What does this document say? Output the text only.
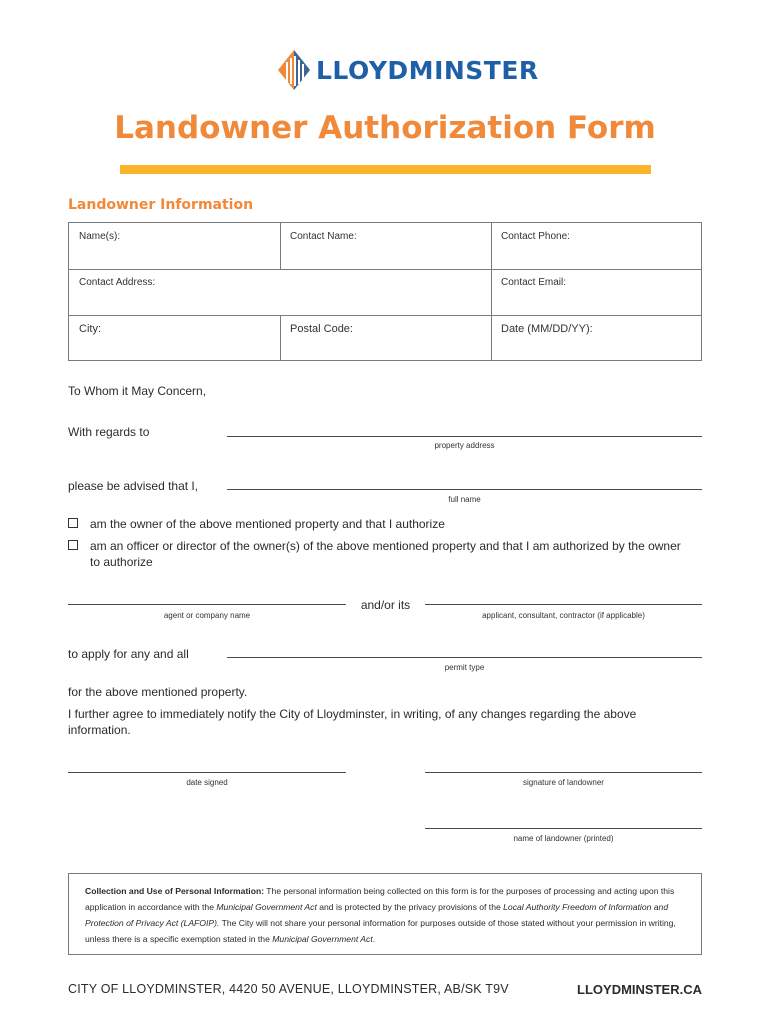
LLOYDMINSTER
Landowner Authorization Form
Landowner Information
Name(s):	Contact Name:	Contact Phone:
Contact Address:	Contact Email:
City:	Postal Code:	Date (MM/DD/YY):
To Whom it May Concern,
With regards to
property address
please be advised that I,
full name
am the owner of the above mentioned property and that I authorize
am an officer or director of the owner(s) of the above mentioned property and that I am authorized by the owner
to authorize
and/or its
agent or company name	applicant, consultant, contractor (if applicable)
to apply for any and all
permit type
for the above mentioned property.
I further agree to immediately notify the City of Lloydminster, in writing, of any changes regarding the above
information.
date signed	signature of landowner
name of landowner (printed)
Collection and Use of Personal Information: The personal information being collected on this form is for the purposes of processing and acting upon this application in accordance with the Municipal Government Act and is protected by the privacy provisions of the Local Authority Freedom of Information and Protection of Privacy Act (LAFOIP). The City will not share your personal information for purposes outside of those stated without your permission in writing, unless there is a specific exemption stated in the Municipal Government Act.
CITY OF LLOYDMINSTER, 4420 50 AVENUE, LLOYDMINSTER, AB/SK T9V	LLOYDMINSTER.CA
